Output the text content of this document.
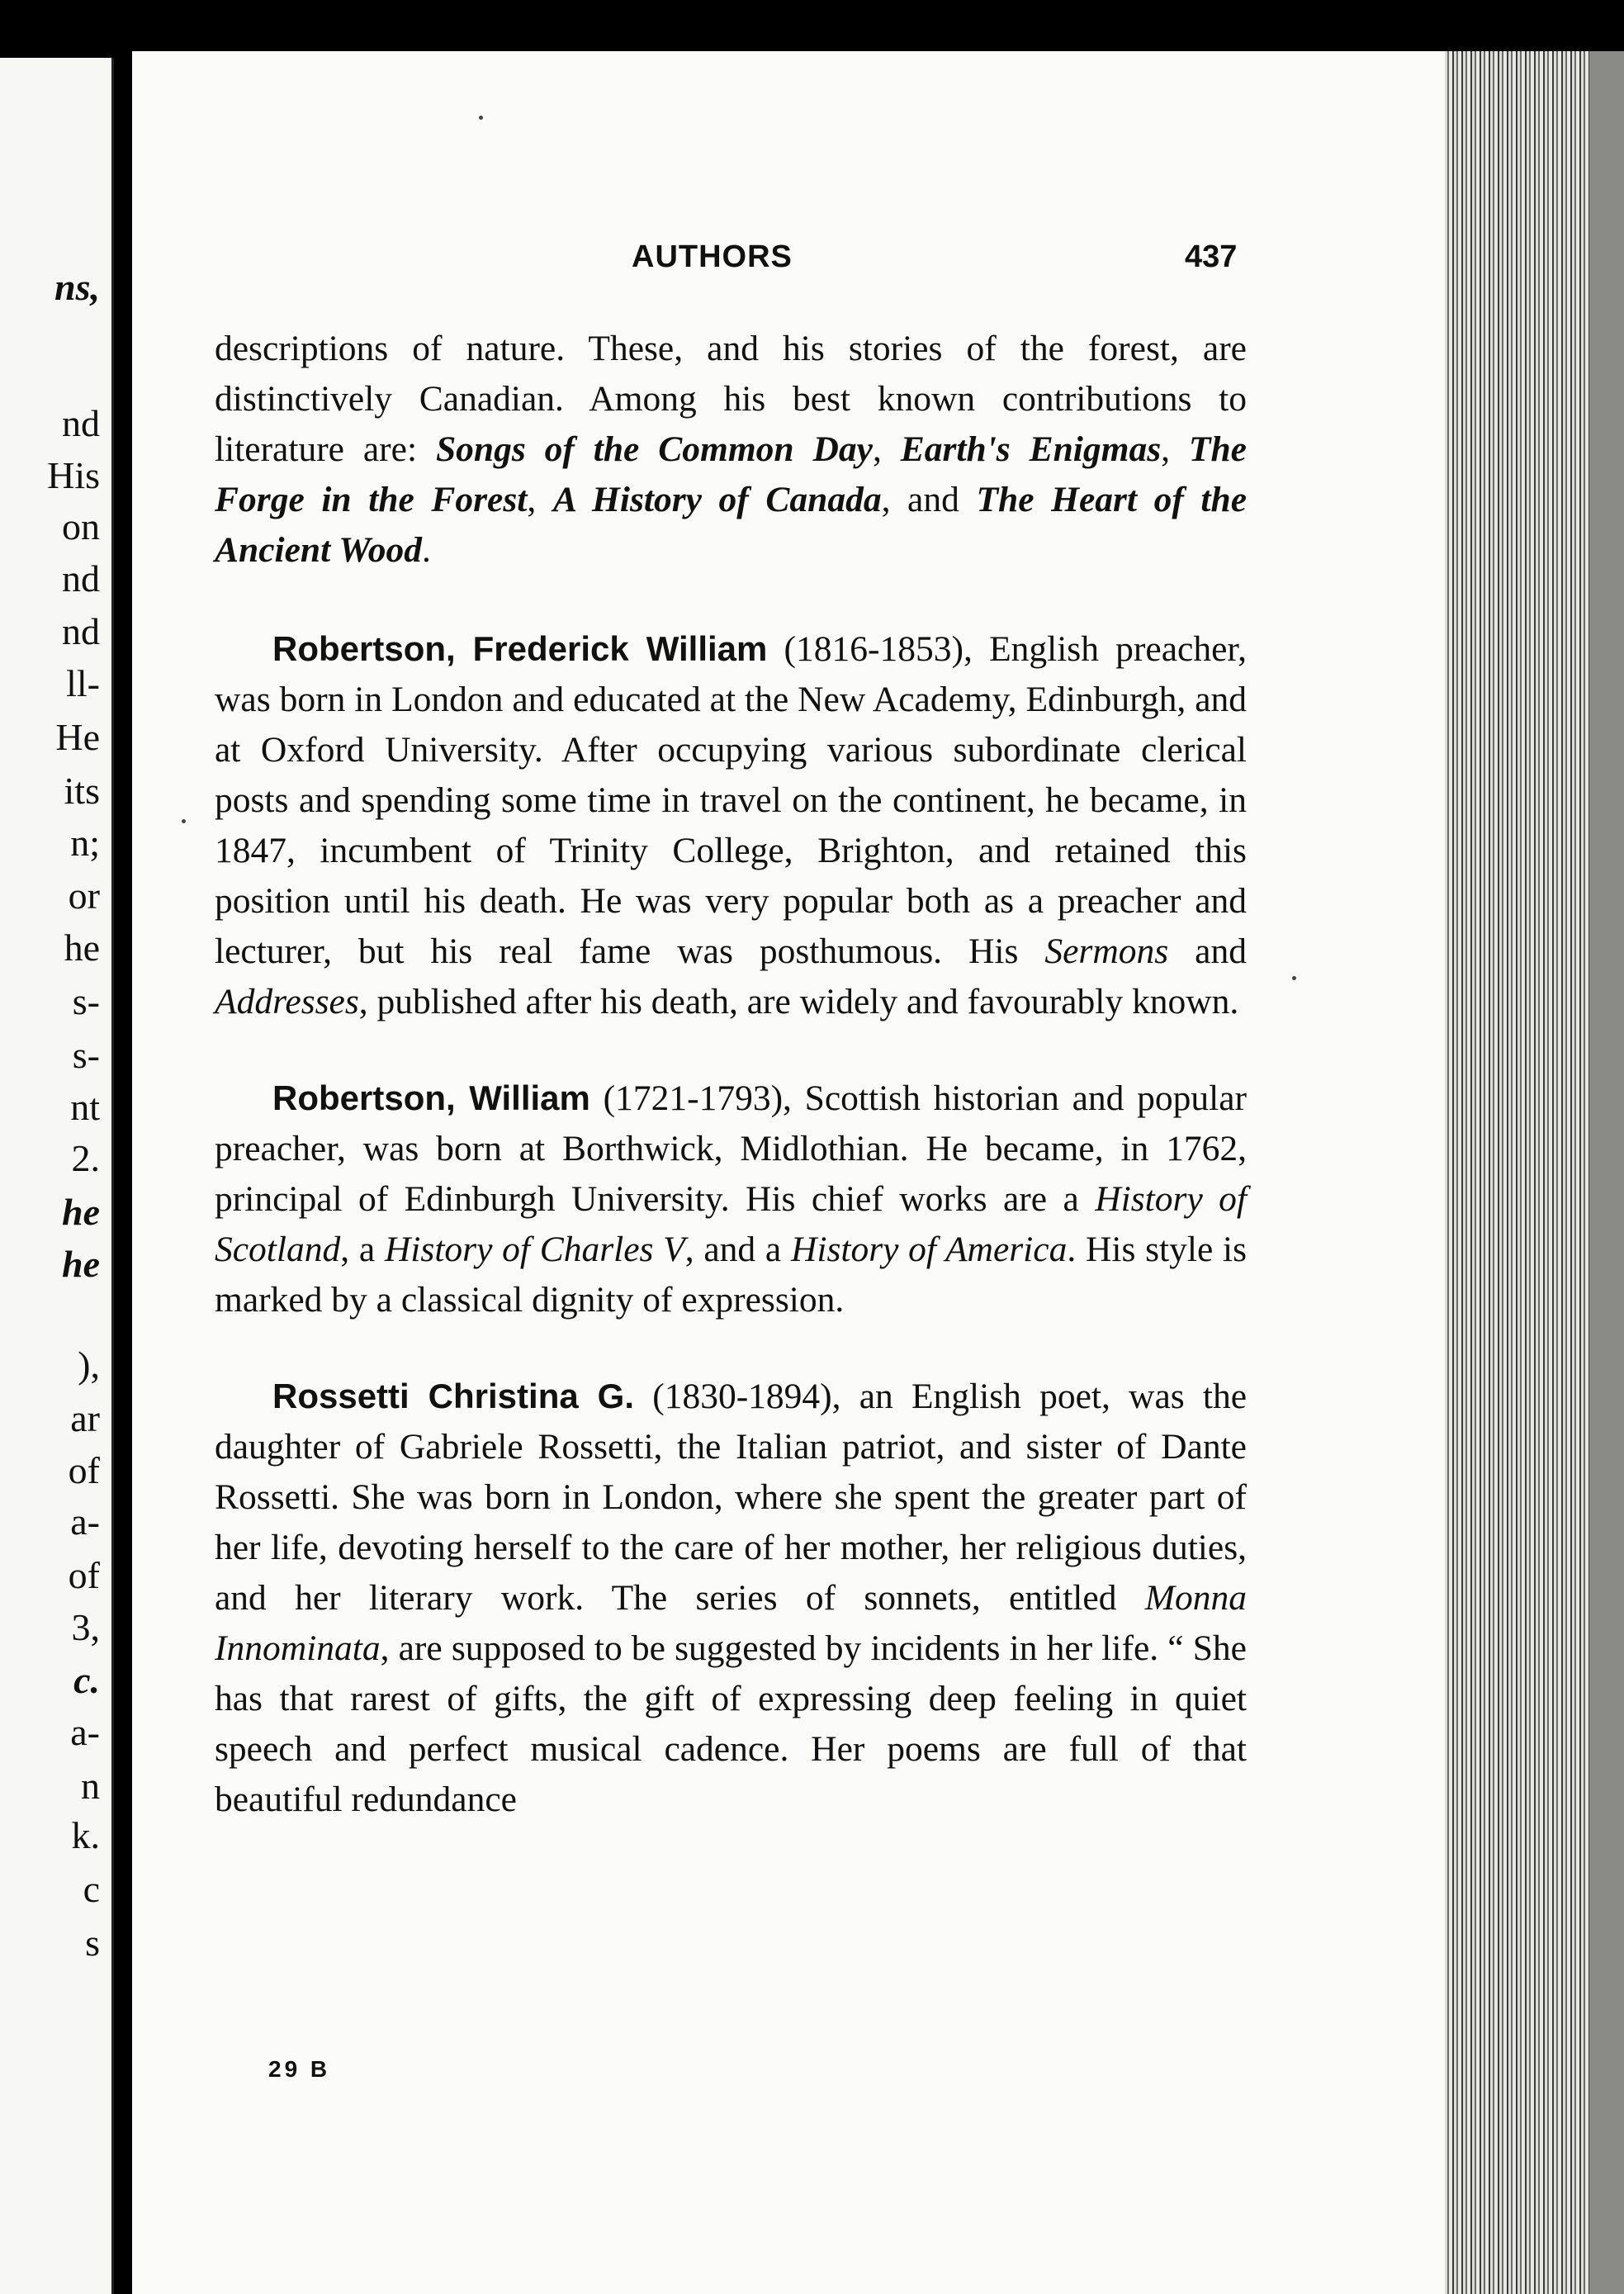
ns,
nd
His
on
nd
nd
ll-
He
its
n;
or
he
s-
s-
nt
2.
he
he
),
ar
of
a-
of
3,
c.
a-
n
k.
c
s
AUTHORS	437

descriptions of nature. These, and his stories of the forest, are distinctively Canadian. Among his best known contributions to literature are: Songs of the Common Day, Earth's Enigmas, The Forge in the Forest, A History of Canada, and The Heart of the Ancient Wood.

Robertson, Frederick William (1816-1853), English preacher, was born in London and educated at the New Academy, Edinburgh, and at Oxford University. After occupying various subordinate clerical posts and spending some time in travel on the continent, he became, in 1847, incumbent of Trinity College, Brighton, and retained this position until his death. He was very popular both as a preacher and lecturer, but his real fame was posthumous. His Sermons and Addresses, published after his death, are widely and favourably known.

Robertson, William (1721-1793), Scottish historian and popular preacher, was born at Borthwick, Midlothian. He became, in 1762, principal of Edinburgh University. His chief works are a History of Scotland, a History of Charles V, and a History of America. His style is marked by a classical dignity of expression.

Rossetti Christina G. (1830-1894), an English poet, was the daughter of Gabriele Rossetti, the Italian patriot, and sister of Dante Rossetti. She was born in London, where she spent the greater part of her life, devoting herself to the care of her mother, her religious duties, and her literary work. The series of sonnets, entitled Monna Innominata, are supposed to be suggested by incidents in her life. “ She has that rarest of gifts, the gift of expressing deep feeling in quiet speech and perfect musical cadence. Her poems are full of that beautiful redundance

29 B
